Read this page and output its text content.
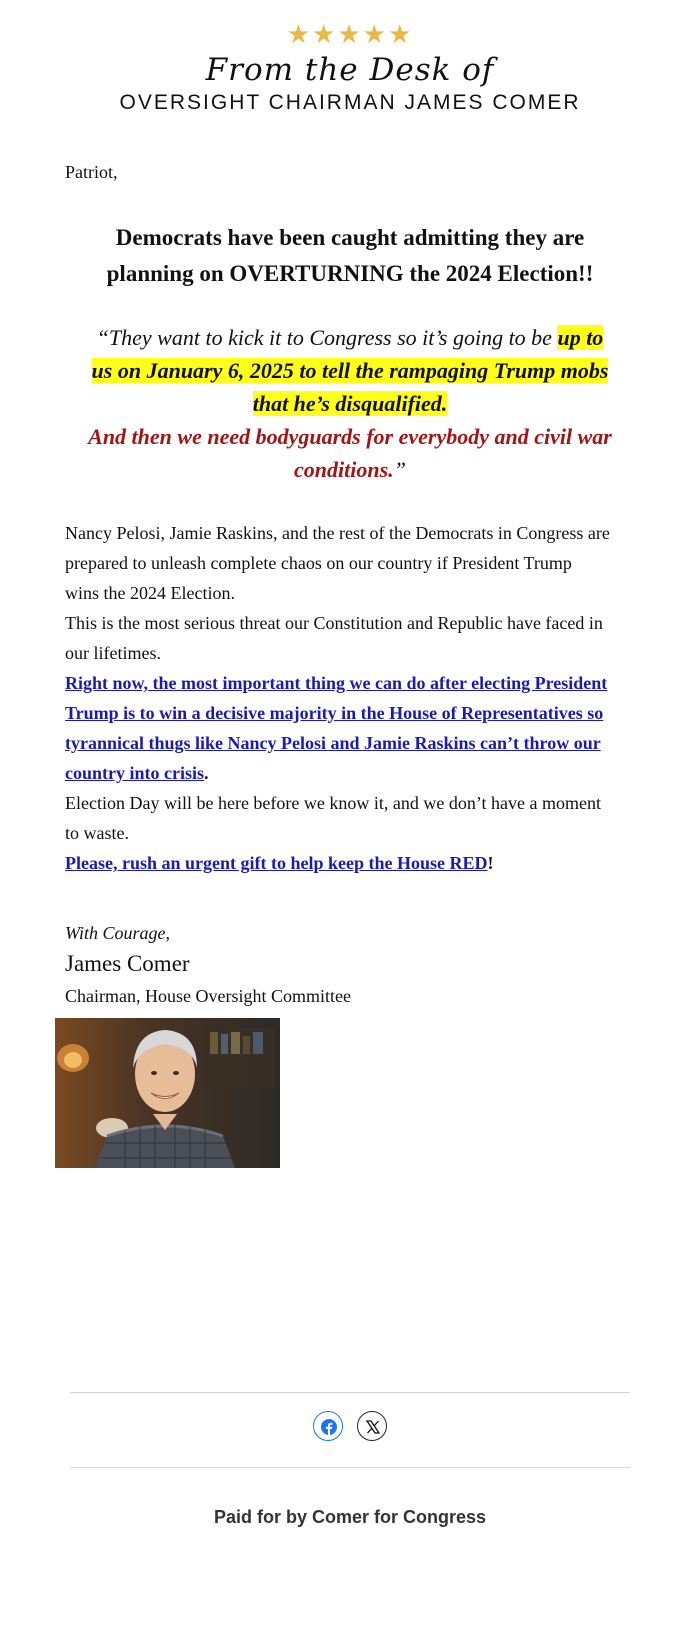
★★★★★
From the Desk of
OVERSIGHT CHAIRMAN JAMES COMER
Patriot,
Democrats have been caught admitting they are
planning on OVERTURNING the 2024 Election!!
“They want to kick it to Congress so it’s going to be up to us on January 6, 2025 to tell the rampaging Trump mobs that he’s disqualified.
And then we need bodyguards for everybody and civil war conditions.”

Nancy Pelosi, Jamie Raskins, and the rest of the Democrats in Congress are prepared to unleash complete chaos on our country if President Trump wins the 2024 Election.

This is the most serious threat our Constitution and Republic have faced in our lifetimes.

Right now, the most important thing we can do after electing President Trump is to win a decisive majority in the House of Representatives so tyrannical thugs like Nancy Pelosi and Jamie Raskins can’t throw our country into crisis.

Election Day will be here before we know it, and we don’t have a moment to waste.

Please, rush an urgent gift to help keep the House RED!

With Courage,
James Comer
Chairman, House Oversight Committee

Paid for by Comer for Congress
